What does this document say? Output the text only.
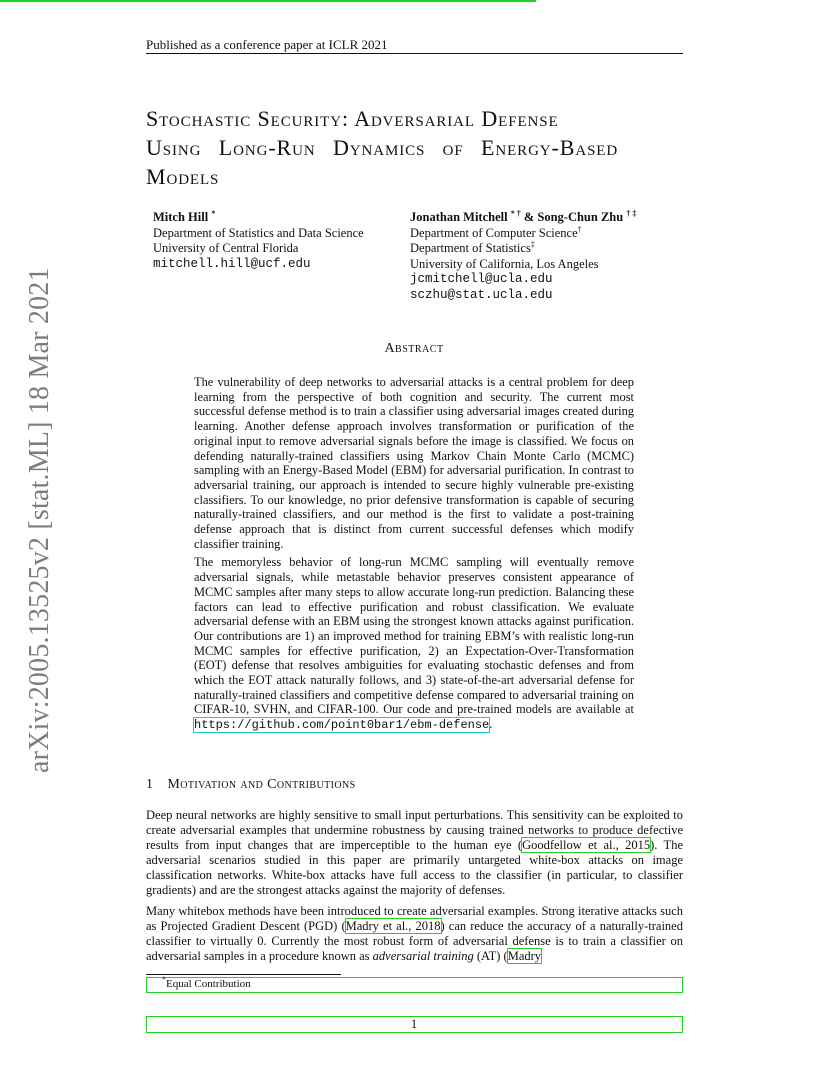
Published as a conference paper at ICLR 2021
Stochastic Security: Adversarial Defense
Using Long-Run Dynamics of Energy-Based
Models
Mitch Hill *
Department of Statistics and Data Science
University of Central Florida
mitchell.hill@ucf.edu
Jonathan Mitchell * † & Song-Chun Zhu † ‡
Department of Computer Science†
Department of Statistics‡
University of California, Los Angeles
jcmitchell@ucla.edu
sczhu@stat.ucla.edu
Abstract

The vulnerability of deep networks to adversarial attacks is a central problem for deep learning from the perspective of both cognition and security. The current most successful defense method is to train a classifier using adversarial images created during learning. Another defense approach involves transformation or purification of the original input to remove adversarial signals before the image is classified. We focus on defending naturally-trained classifiers using Markov Chain Monte Carlo (MCMC) sampling with an Energy-Based Model (EBM) for adversarial purification. In contrast to adversarial training, our approach is intended to secure highly vulnerable pre-existing classifiers. To our knowledge, no prior defensive transformation is capable of securing naturally-trained classifiers, and our method is the first to validate a post-training defense approach that is distinct from current successful defenses which modify classifier training.

The memoryless behavior of long-run MCMC sampling will eventually remove adversarial signals, while metastable behavior preserves consistent appearance of MCMC samples after many steps to allow accurate long-run prediction. Balancing these factors can lead to effective purification and robust classification. We evaluate adversarial defense with an EBM using the strongest known attacks against purification. Our contributions are 1) an improved method for training EBM’s with realistic long-run MCMC samples for effective purification, 2) an Expectation-Over-Transformation (EOT) defense that resolves ambiguities for evaluating stochastic defenses and from which the EOT attack naturally follows, and 3) state-of-the-art adversarial defense for naturally-trained classifiers and competitive defense compared to adversarial training on CIFAR-10, SVHN, and CIFAR-100. Our code and pre-trained models are available at https://github.com/point0bar1/ebm-defense.

1 Motivation and Contributions

Deep neural networks are highly sensitive to small input perturbations. This sensitivity can be exploited to create adversarial examples that undermine robustness by causing trained networks to produce defective results from input changes that are imperceptible to the human eye (Goodfellow et al., 2015). The adversarial scenarios studied in this paper are primarily untargeted white-box attacks on image classification networks. White-box attacks have full access to the classifier (in particular, to classifier gradients) and are the strongest attacks against the majority of defenses.

Many whitebox methods have been introduced to create adversarial examples. Strong iterative attacks such as Projected Gradient Descent (PGD) (Madry et al., 2018) can reduce the accuracy of a naturally-trained classifier to virtually 0. Currently the most robust form of adversarial defense is to train a classifier on adversarial samples in a procedure known as adversarial training (AT) (Madry

*Equal Contribution
1
arXiv:2005.13525v2 [stat.ML] 18 Mar 2021
